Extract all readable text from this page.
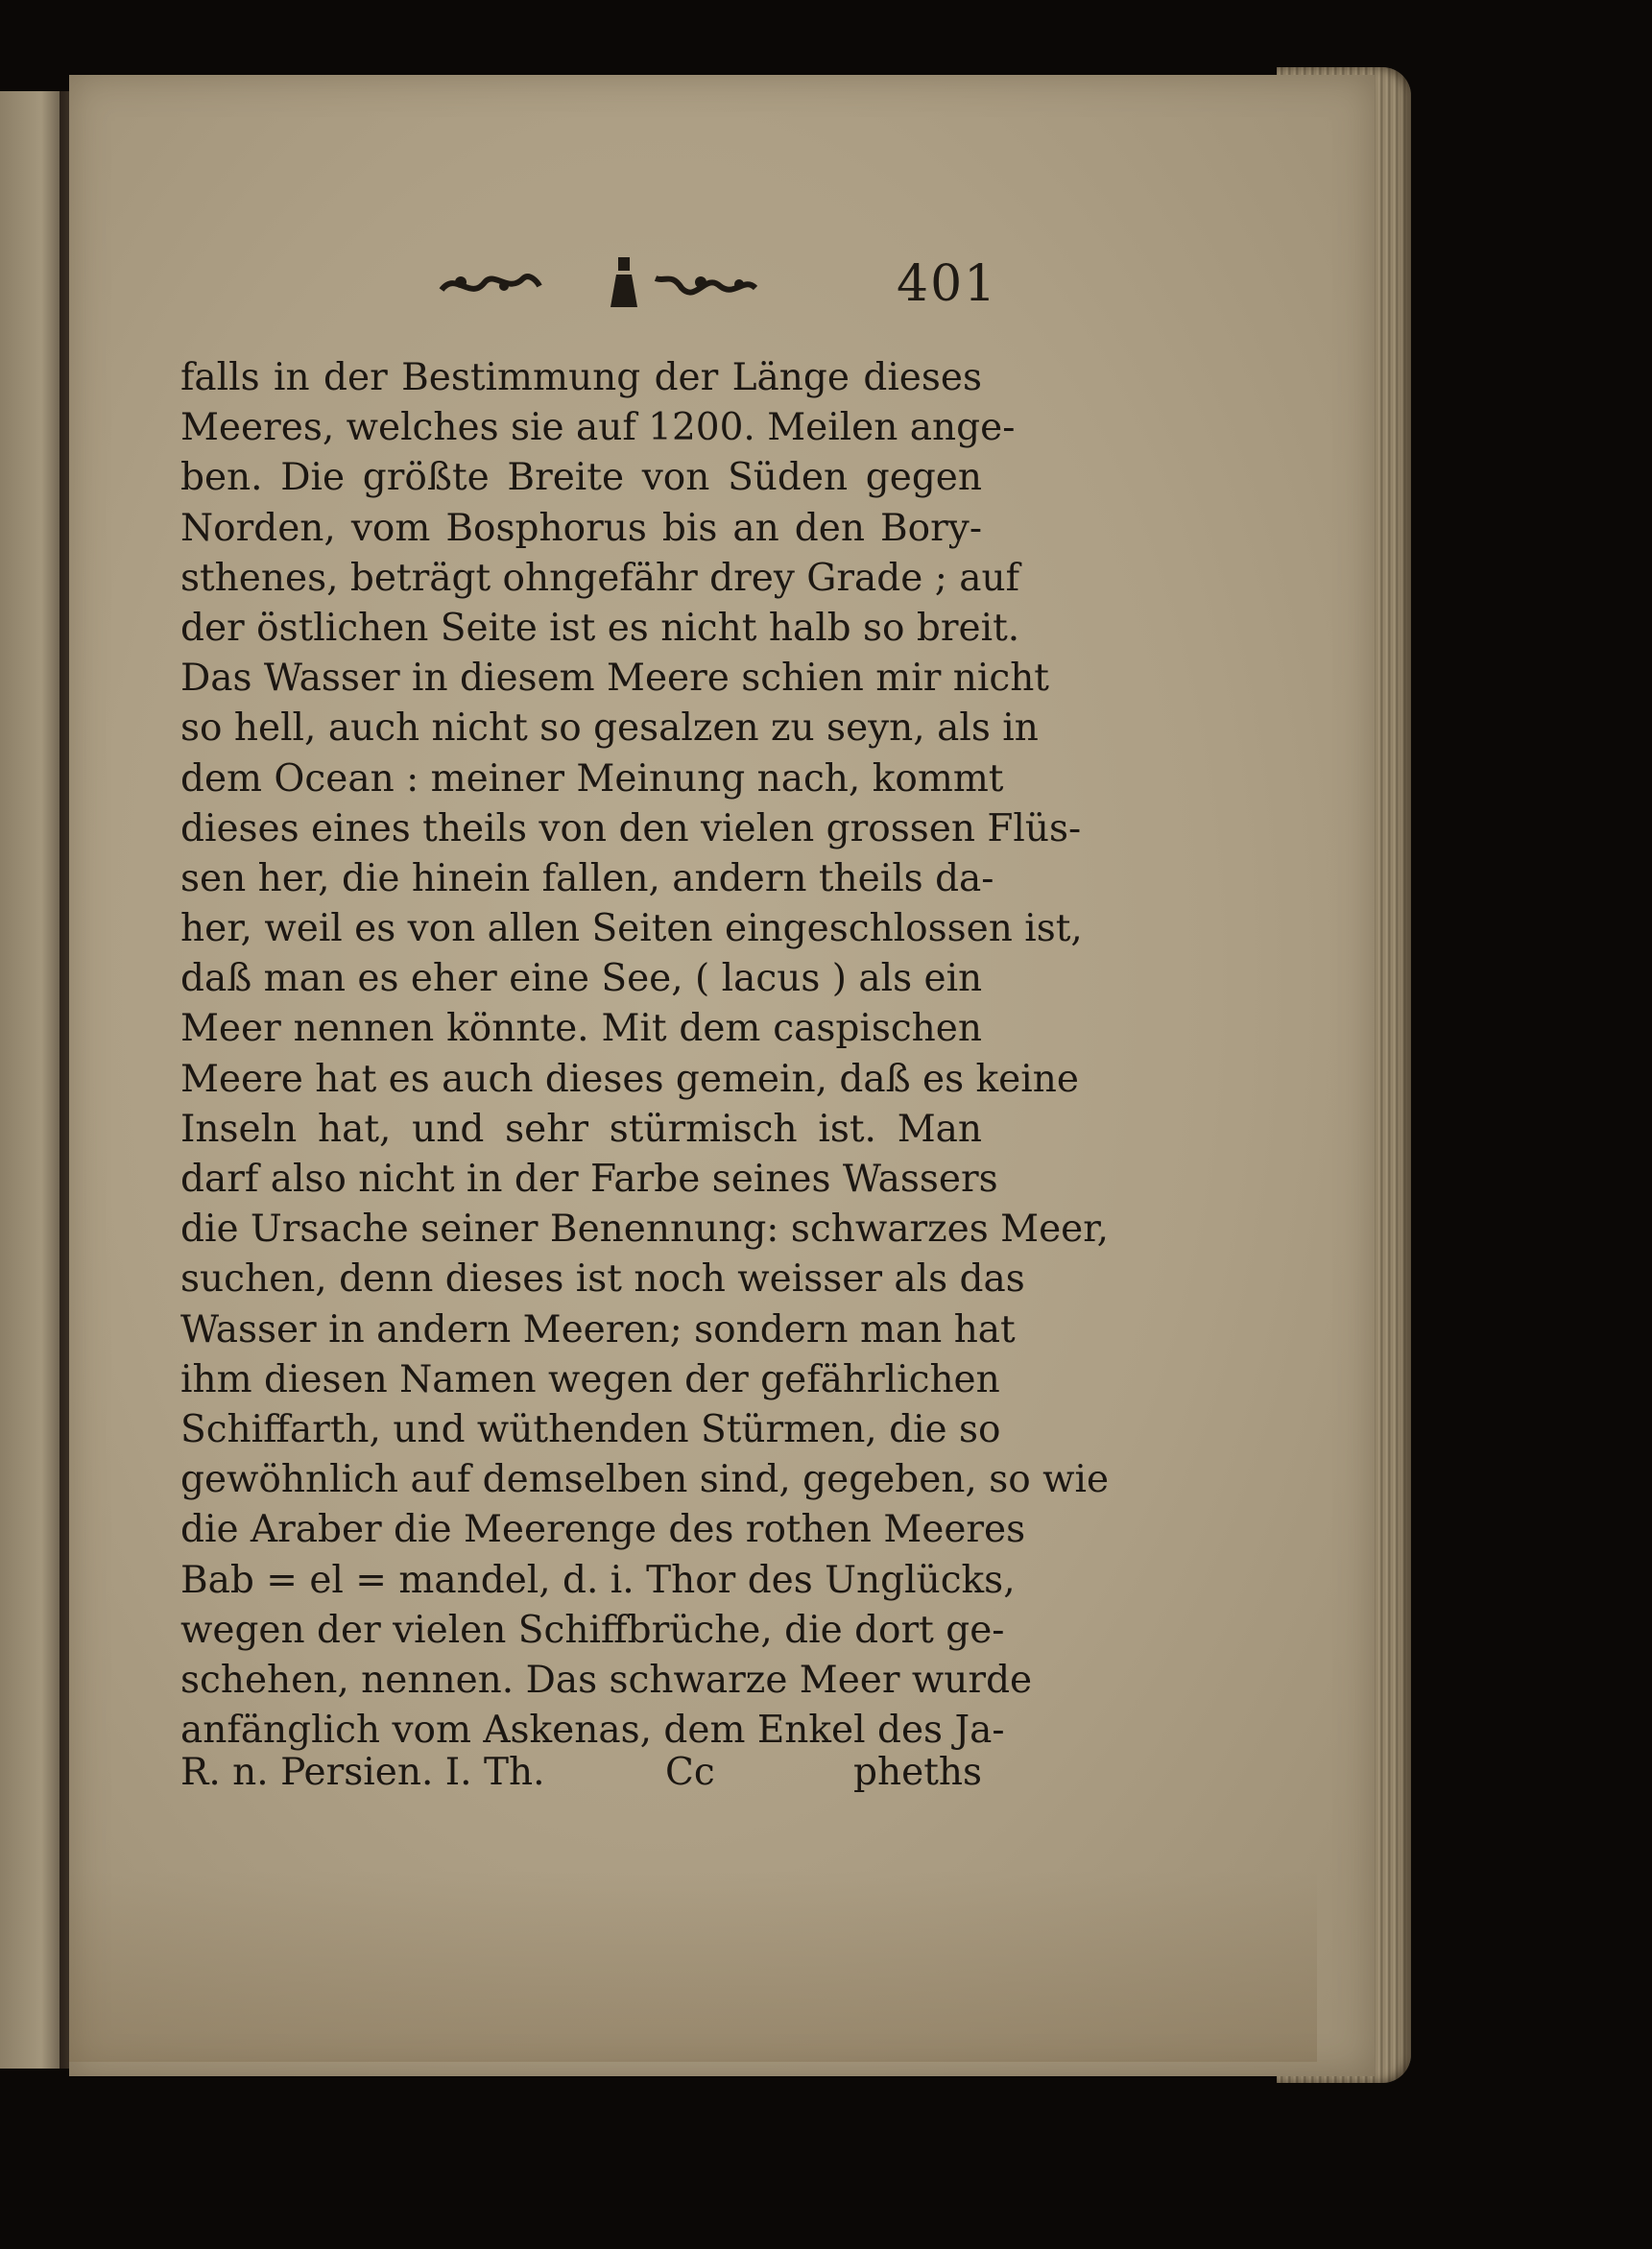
401
falls in der Bestimmung der Länge dieses
Meeres, welches sie auf 1200. Meilen ange-
ben. Die größte Breite von Süden gegen
Norden, vom Bosphorus bis an den Bory-
sthenes, beträgt ohngefähr drey Grade ; auf
der östlichen Seite ist es nicht halb so breit.
Das Wasser in diesem Meere schien mir nicht
so hell, auch nicht so gesalzen zu seyn, als in
dem Ocean : meiner Meinung nach, kommt
dieses eines theils von den vielen grossen Flüs-
sen her, die hinein fallen, andern theils da-
her, weil es von allen Seiten eingeschlossen ist,
daß man es eher eine See, ( lacus ) als ein
Meer nennen könnte. Mit dem caspischen
Meere hat es auch dieses gemein, daß es keine
Inseln hat, und sehr stürmisch ist. Man
darf also nicht in der Farbe seines Wassers
die Ursache seiner Benennung: schwarzes Meer,
suchen, denn dieses ist noch weisser als das
Wasser in andern Meeren; sondern man hat
ihm diesen Namen wegen der gefährlichen
Schiffarth, und wüthenden Stürmen, die so
gewöhnlich auf demselben sind, gegeben, so wie
die Araber die Meerenge des rothen Meeres
Bab = el = mandel, d. i. Thor des Unglücks,
wegen der vielen Schiffbrüche, die dort ge-
schehen, nennen. Das schwarze Meer wurde
anfänglich vom Askenas, dem Enkel des Ja-
R. n. Persien. I. Th.	Cc	pheths
